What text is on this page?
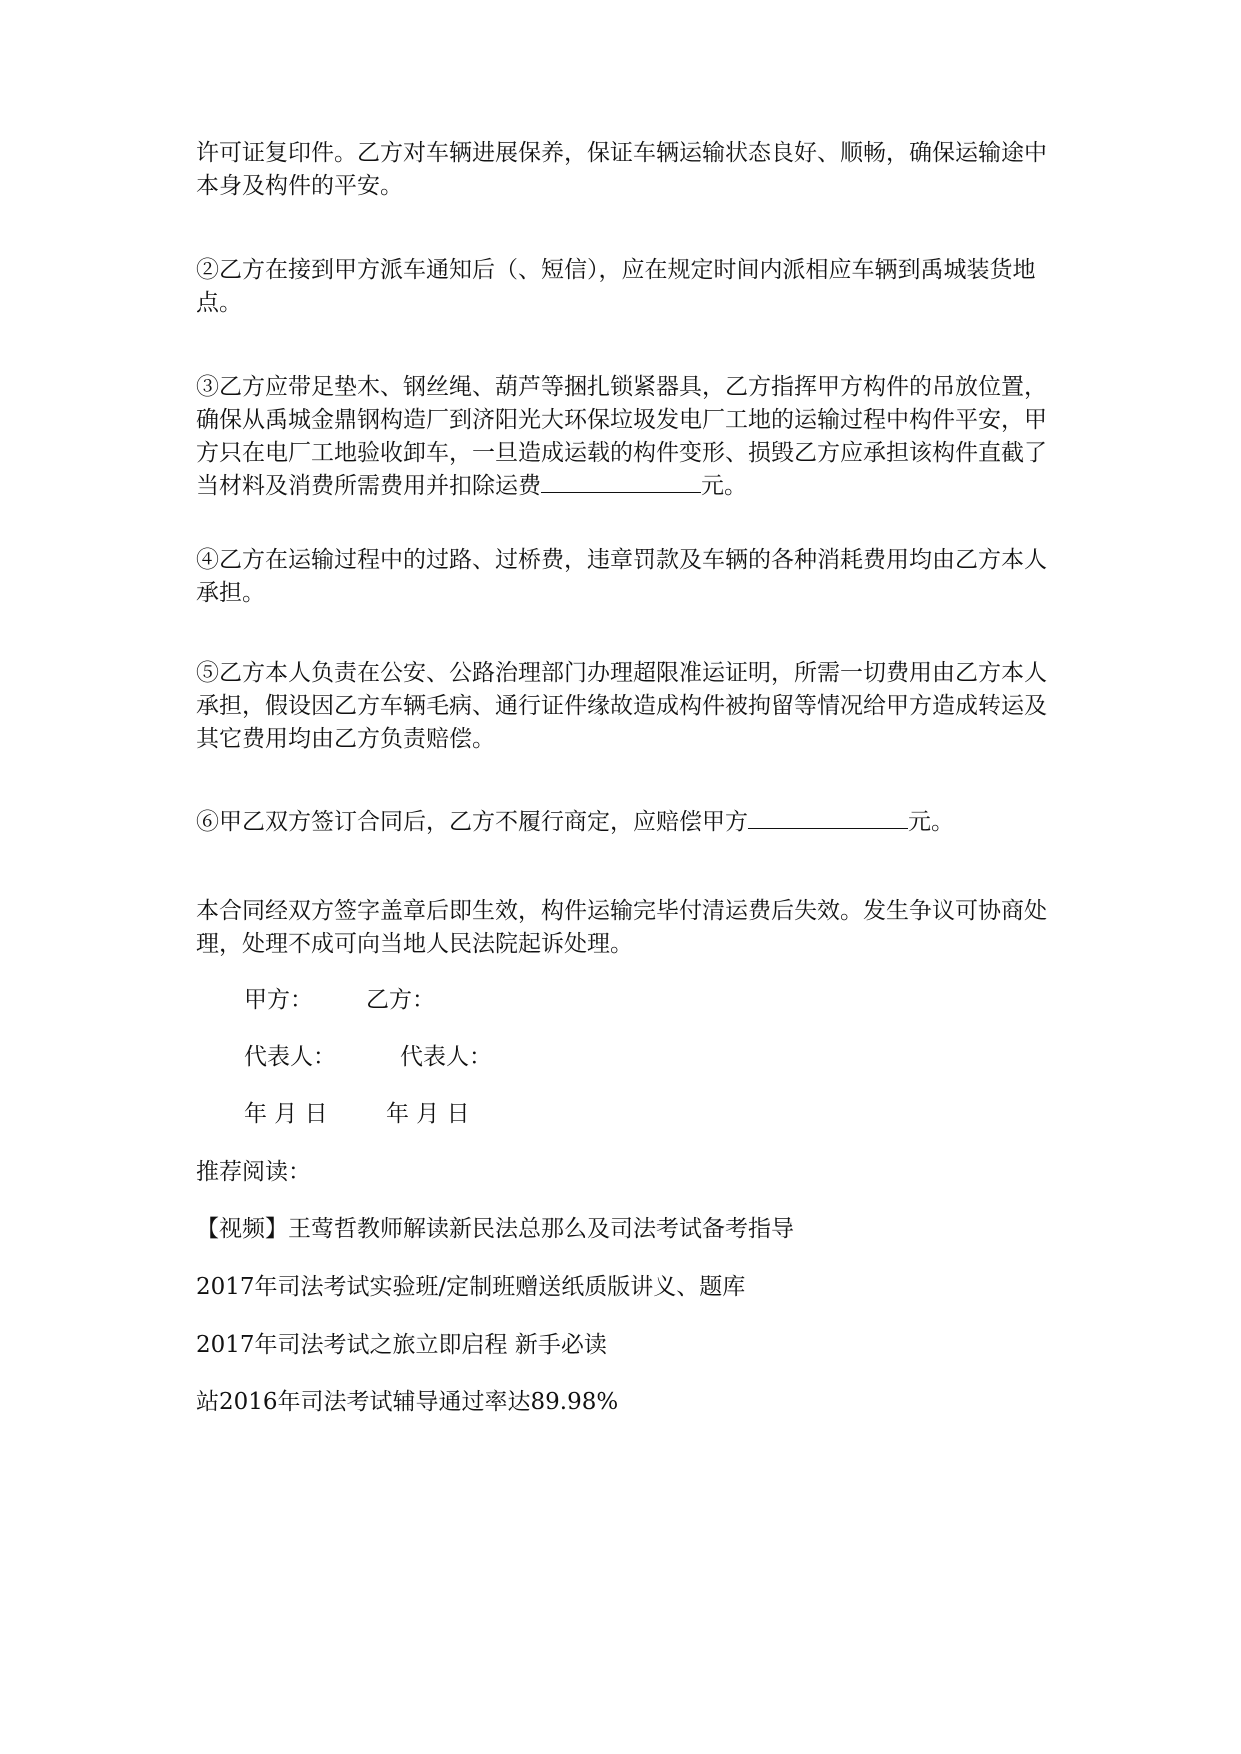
许可证复印件。乙方对车辆进展保养，保证车辆运输状态良好、顺畅，确保运输途中本身及构件的平安。

②乙方在接到甲方派车通知后（、短信），应在规定时间内派相应车辆到禹城装货地点。

③乙方应带足垫木、钢丝绳、葫芦等捆扎锁紧器具，乙方指挥甲方构件的吊放位置，确保从禹城金鼎钢构造厂到济阳光大环保垃圾发电厂工地的运输过程中构件平安，甲方只在电厂工地验收卸车，一旦造成运载的构件变形、损毁乙方应承担该构件直截了当材料及消费所需费用并扣除运费	元。

④乙方在运输过程中的过路、过桥费，违章罚款及车辆的各种消耗费用均由乙方本人承担。

⑤乙方本人负责在公安、公路治理部门办理超限准运证明，所需一切费用由乙方本人承担，假设因乙方车辆毛病、通行证件缘故造成构件被拘留等情况给甲方造成转运及其它费用均由乙方负责赔偿。

⑥甲乙双方签订合同后，乙方不履行商定，应赔偿甲方	元。

本合同经双方签字盖章后即生效，构件运输完毕付清运费后失效。发生争议可协商处理，处理不成可向当地人民法院起诉处理。

甲方： 乙方：
代表人：	代表人：
年 月 日	年 月 日
推荐阅读：
【视频】王莺哲教师解读新民法总那么及司法考试备考指导
2017年司法考试实验班/定制班赠送纸质版讲义、题库
2017年司法考试之旅立即启程 新手必读
站2016年司法考试辅导通过率达89.98%
